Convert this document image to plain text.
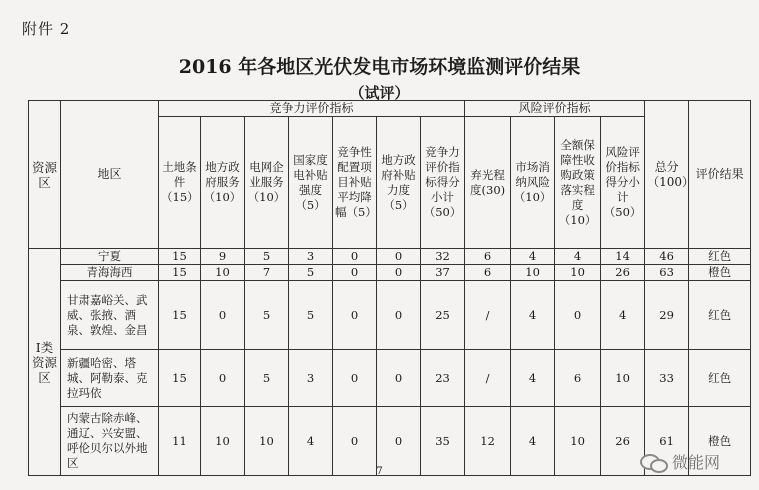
附件 2
2016 年各地区光伏发电市场环境监测评价结果
（试评）
资源区	地区	竞争力评价指标							风险评价指标				总分（100）	评价结果
		土地条件（15）	地方政府服务（10）	电网企业服务（10）	国家度电补贴强度（5）	竞争性配置项目补贴平均降幅（5）	地方政府补贴力度（5）	竞争力评价指标得分小计（50）	弃光程度(30)	市场消纳风险（10）	全额保障性收购政策落实程度（10）	风险评价指标得分小计（50）		
I类资源区	宁夏	15	9	5	3	0	0	32	6	4	4	14	46	红色
	青海海西	15	10	7	5	0	0	37	6	10	10	26	63	橙色
	甘肃嘉峪关、武威、张掖、酒泉、敦煌、金昌	15	0	5	5	0	0	25	/	4	0	4	29	红色
	新疆哈密、塔城、阿勒泰、克拉玛依	15	0	5	3	0	0	23	/	4	6	10	33	红色
	内蒙古除赤峰、通辽、兴安盟、呼伦贝尔以外地区	11	10	10	4	0	0	35	12	4	10	26	61	橙色
7	微能网
